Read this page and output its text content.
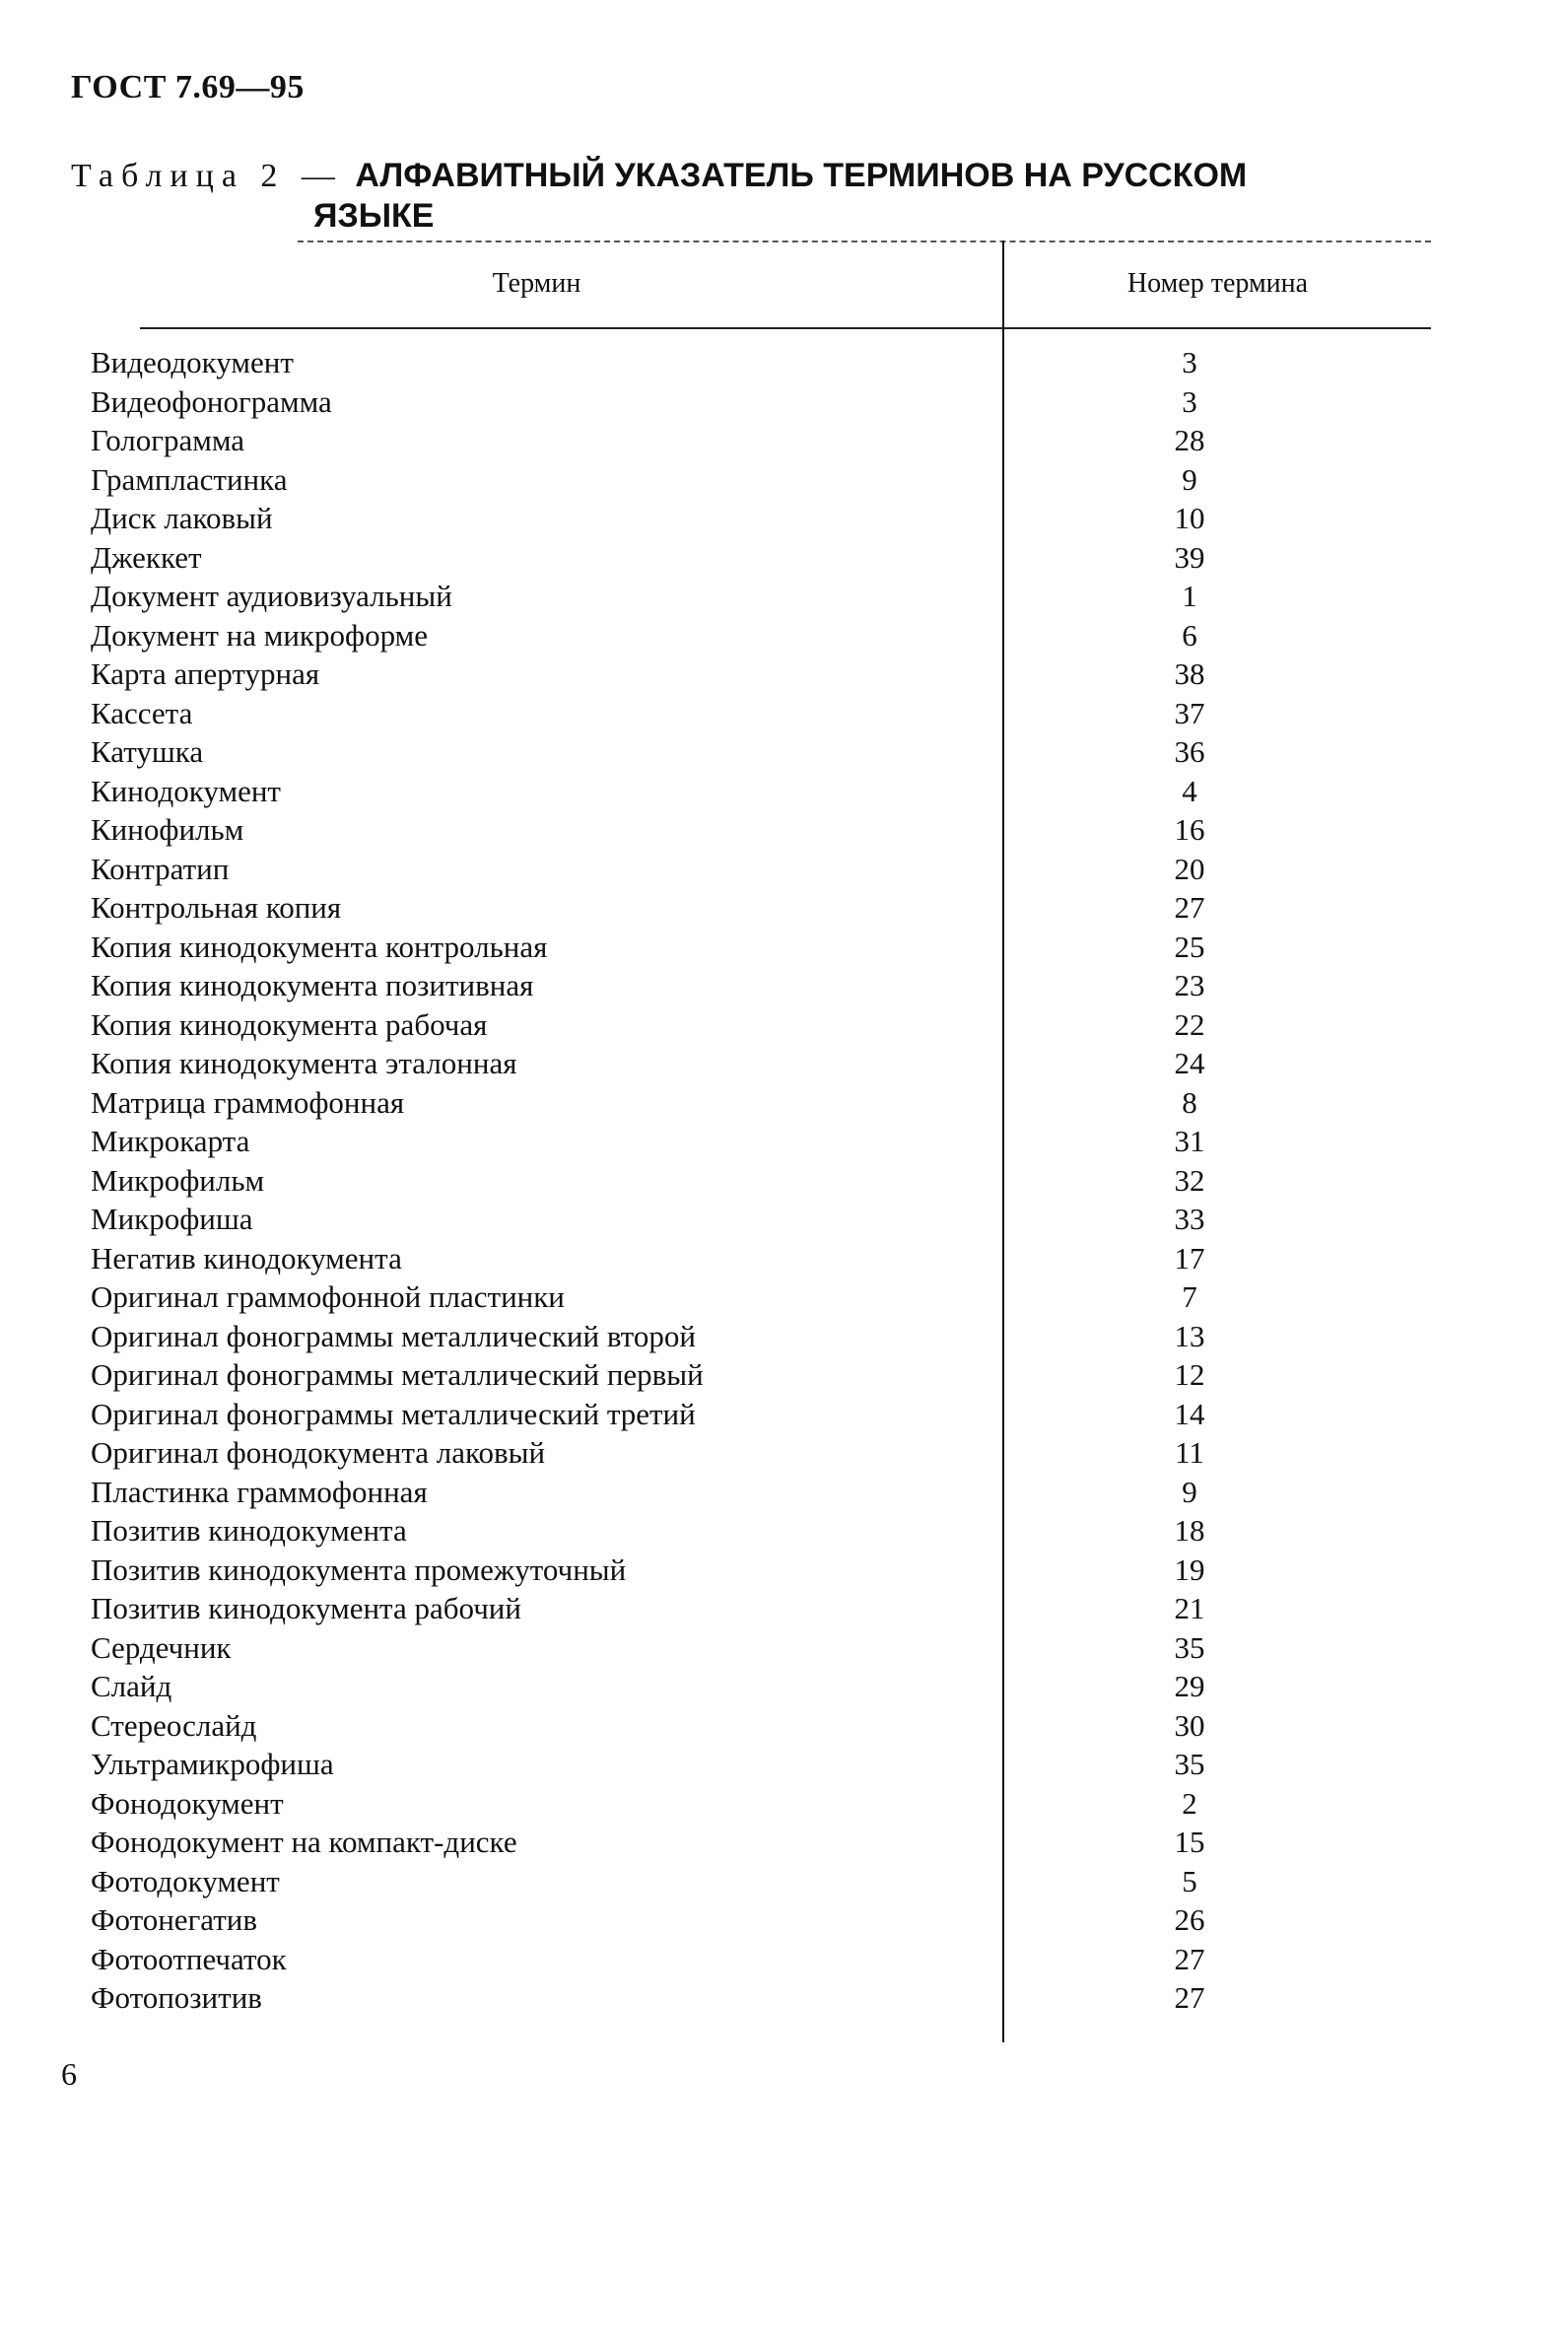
ГОСТ 7.69—95
Таблица 2 — АЛФАВИТНЫЙ УКАЗАТЕЛЬ ТЕРМИНОВ НА РУССКОМ
ЯЗЫКЕ
Термин	Номер термина
Видеодокумент	3
Видеофонограмма	3
Голограмма	28
Грампластинка	9
Диск лаковый	10
Джеккет	39
Документ аудиовизуальный	1
Документ на микроформе	6
Карта апертурная	38
Кассета	37
Катушка	36
Кинодокумент	4
Кинофильм	16
Контратип	20
Контрольная копия	27
Копия кинодокумента контрольная	25
Копия кинодокумента позитивная	23
Копия кинодокумента рабочая	22
Копия кинодокумента эталонная	24
Матрица граммофонная	8
Микрокарта	31
Микрофильм	32
Микрофиша	33
Негатив кинодокумента	17
Оригинал граммофонной пластинки	7
Оригинал фонограммы металлический второй	13
Оригинал фонограммы металлический первый	12
Оригинал фонограммы металлический третий	14
Оригинал фонодокумента лаковый	11
Пластинка граммофонная	9
Позитив кинодокумента	18
Позитив кинодокумента промежуточный	19
Позитив кинодокумента рабочий	21
Сердечник	35
Слайд	29
Стереослайд	30
Ультрамикрофиша	35
Фонодокумент	2
Фонодокумент на компакт-диске	15
Фотодокумент	5
Фотонегатив	26
Фотоотпечаток	27
Фотопозитив	27
6
